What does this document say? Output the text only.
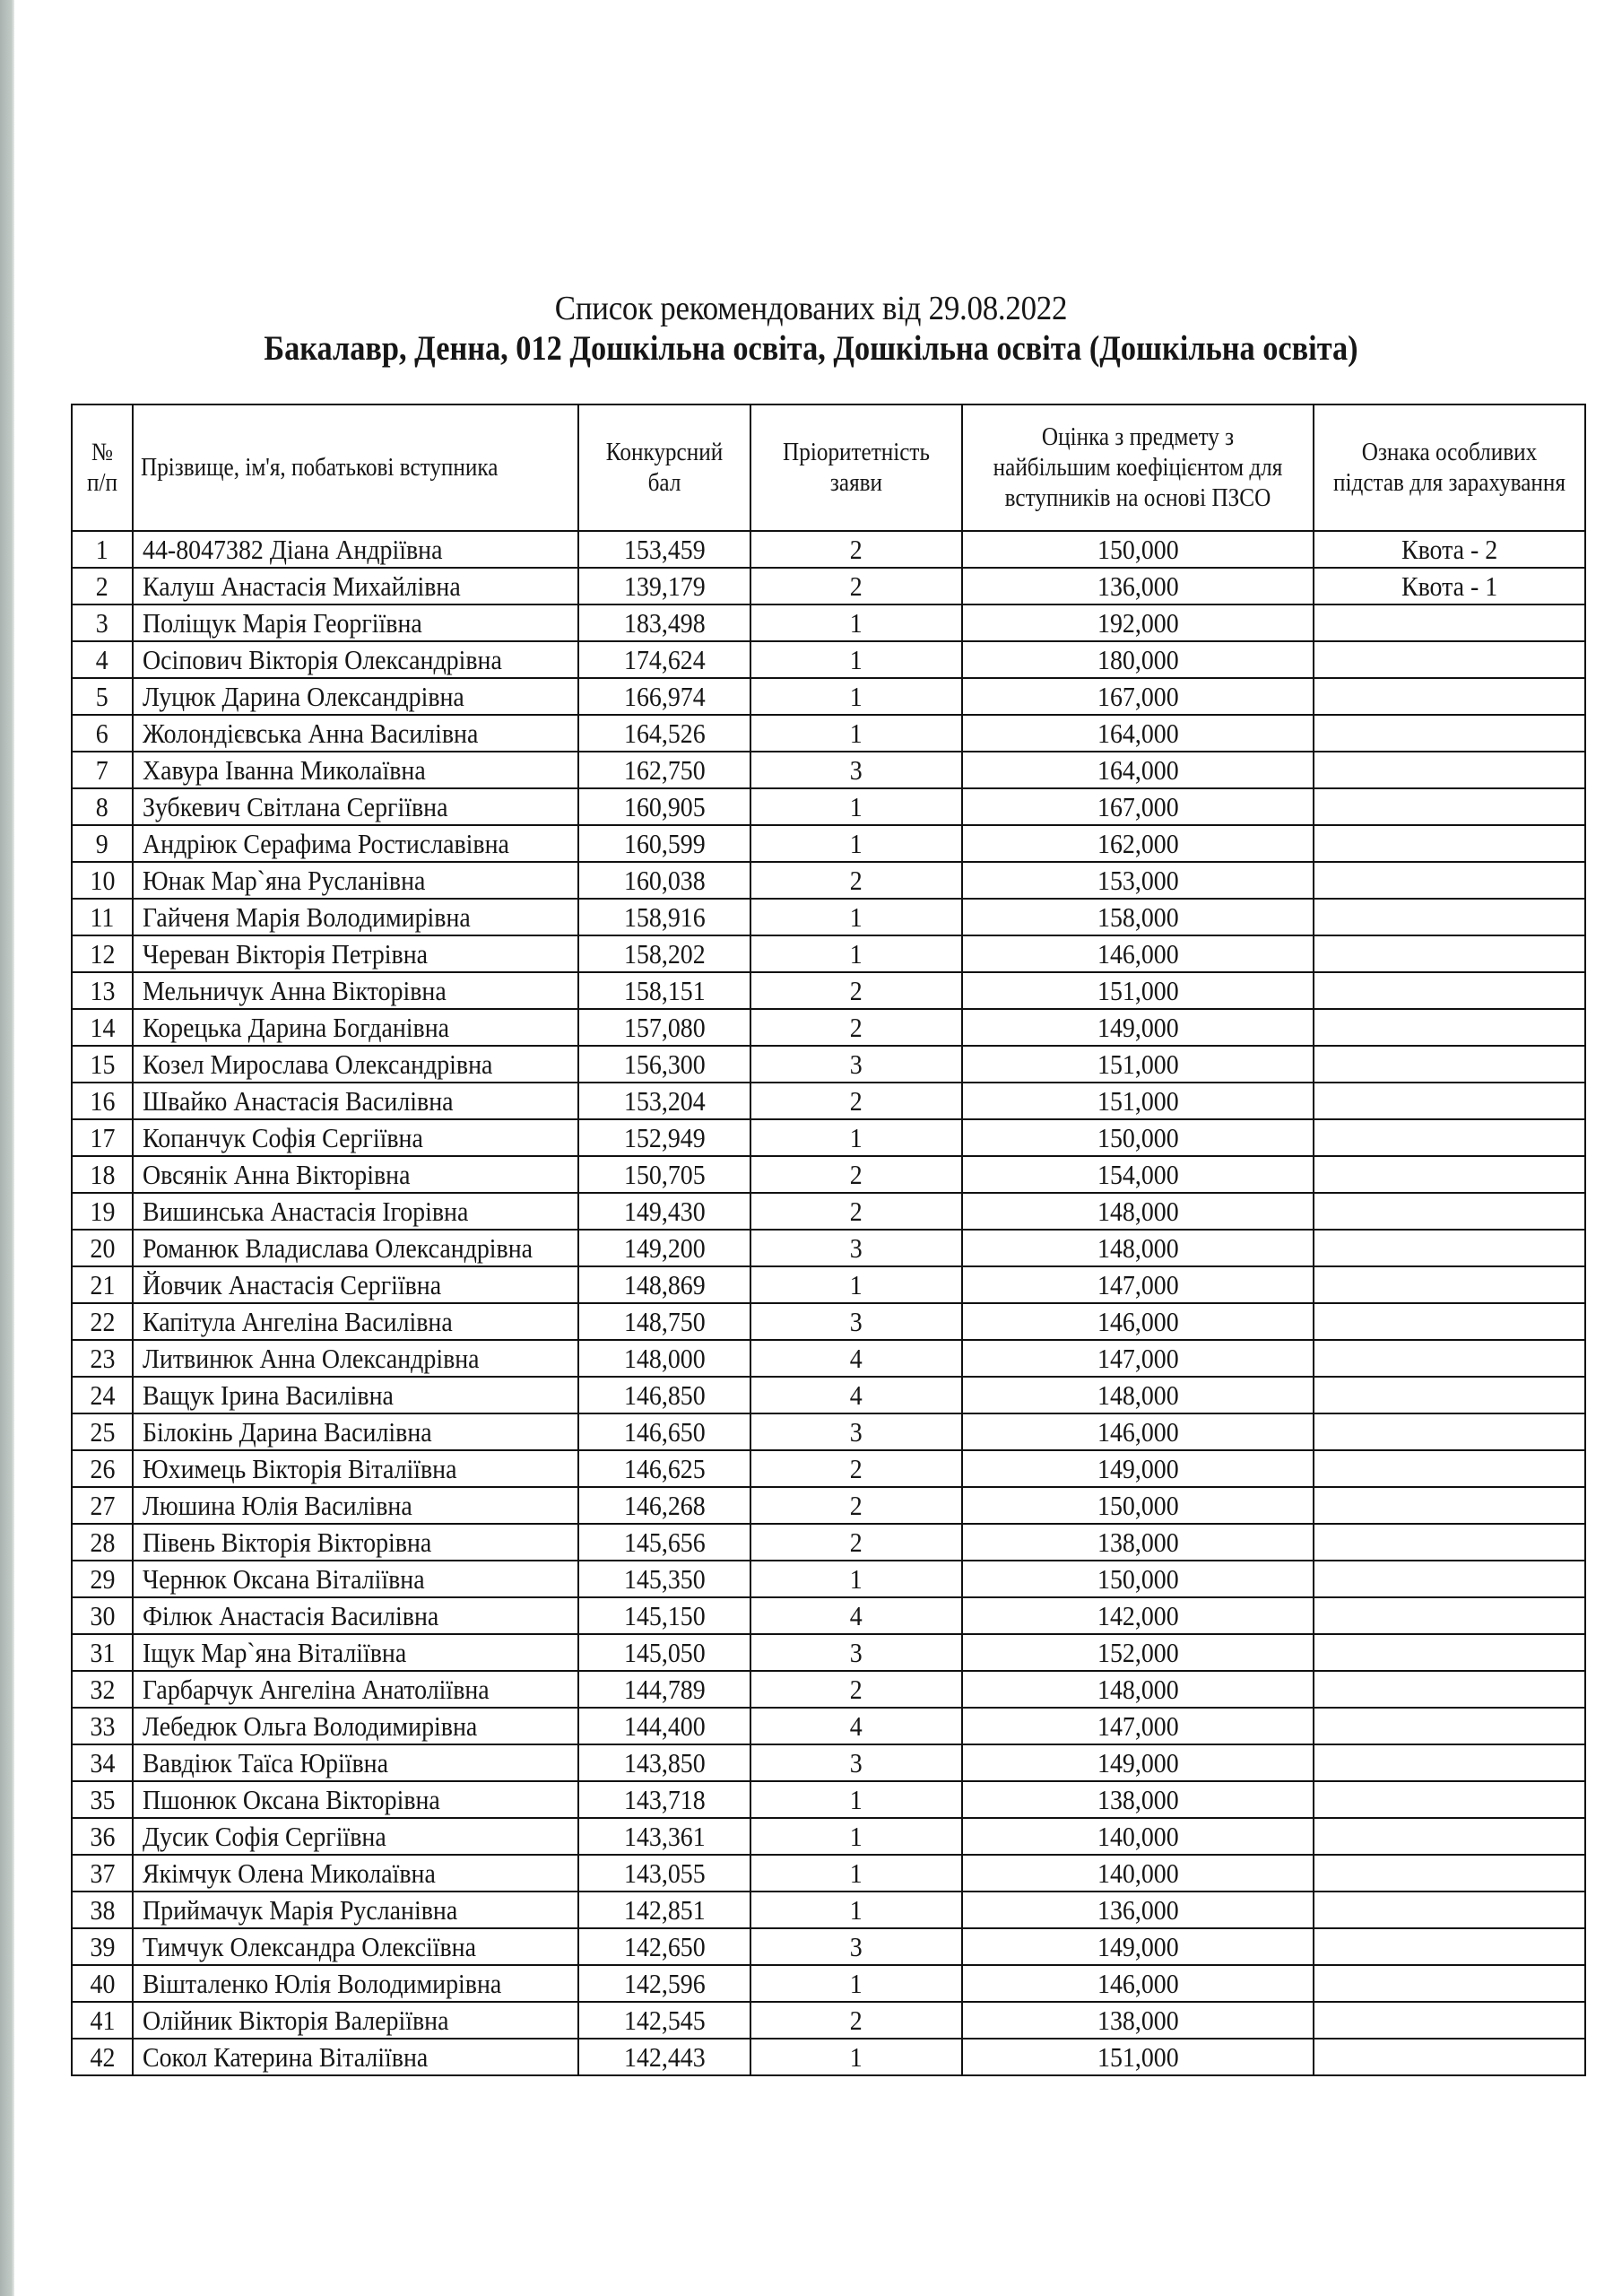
Список рекомендованих від 29.08.2022
Бакалавр, Денна, 012 Дошкільна освіта, Дошкільна освіта (Дошкільна освіта)
№ п/п	Прізвище, ім'я, побатькові вступника	Конкурсний бал	Пріоритетність заяви	Оцінка з предмету з найбільшим коефіцієнтом для вступників на основі ПЗСО	Ознака особливих підстав для зарахування
1	44-8047382 Діана Андріївна	153,459	2	150,000	Квота - 2
2	Калуш Анастасія Михайлівна	139,179	2	136,000	Квота - 1
3	Поліщук Марія Георгіївна	183,498	1	192,000	
4	Осіпович Вікторія Олександрівна	174,624	1	180,000	
5	Луцюк Дарина Олександрівна	166,974	1	167,000	
6	Жолондієвська Анна Василівна	164,526	1	164,000	
7	Хавура Іванна Миколаївна	162,750	3	164,000	
8	Зубкевич Світлана Сергіївна	160,905	1	167,000	
9	Андріюк Серафима Ростиславівна	160,599	1	162,000	
10	Юнак Мар`яна Русланівна	160,038	2	153,000	
11	Гайченя Марія Володимирівна	158,916	1	158,000	
12	Череван Вікторія Петрівна	158,202	1	146,000	
13	Мельничук Анна Вікторівна	158,151	2	151,000	
14	Корецька Дарина Богданівна	157,080	2	149,000	
15	Козел Мирослава Олександрівна	156,300	3	151,000	
16	Швайко Анастасія Василівна	153,204	2	151,000	
17	Копанчук Софія Сергіївна	152,949	1	150,000	
18	Овсянік Анна Вікторівна	150,705	2	154,000	
19	Вишинська Анастасія Ігорівна	149,430	2	148,000	
20	Романюк Владислава Олександрівна	149,200	3	148,000	
21	Йовчик Анастасія Сергіївна	148,869	1	147,000	
22	Капітула Ангеліна Василівна	148,750	3	146,000	
23	Литвинюк Анна Олександрівна	148,000	4	147,000	
24	Ващук Ірина Василівна	146,850	4	148,000	
25	Білокінь Дарина Василівна	146,650	3	146,000	
26	Юхимець Вікторія Віталіївна	146,625	2	149,000	
27	Люшина Юлія Василівна	146,268	2	150,000	
28	Півень Вікторія Вікторівна	145,656	2	138,000	
29	Чернюк Оксана Віталіївна	145,350	1	150,000	
30	Філюк Анастасія Василівна	145,150	4	142,000	
31	Іщук Мар`яна Віталіївна	145,050	3	152,000	
32	Гарбарчук Ангеліна Анатоліївна	144,789	2	148,000	
33	Лебедюк Ольга Володимирівна	144,400	4	147,000	
34	Вавдіюк Таїса Юріївна	143,850	3	149,000	
35	Пшонюк Оксана Вікторівна	143,718	1	138,000	
36	Дусик Софія Сергіївна	143,361	1	140,000	
37	Якімчук Олена Миколаївна	143,055	1	140,000	
38	Приймачук Марія Русланівна	142,851	1	136,000	
39	Тимчук Олександра Олексіївна	142,650	3	149,000	
40	Вішталенко Юлія Володимирівна	142,596	1	146,000	
41	Олійник Вікторія Валеріївна	142,545	2	138,000	
42	Сокол Катерина Віталіївна	142,443	1	151,000	
